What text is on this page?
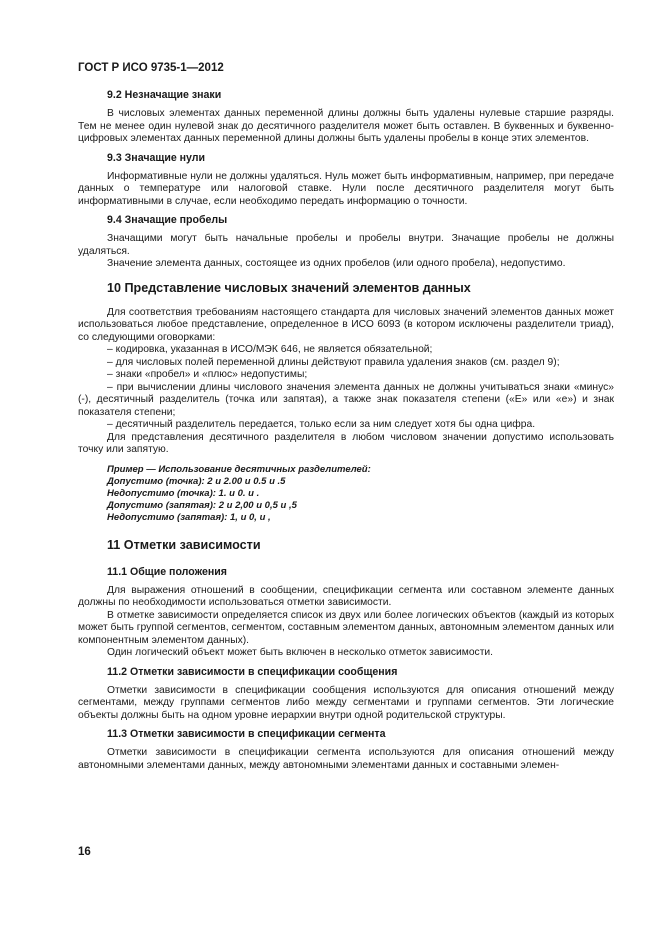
ГОСТ Р ИСО 9735-1—2012
9.2 Незначащие знаки

В числовых элементах данных переменной длины должны быть удалены нулевые старшие разряды. Тем не менее один нулевой знак до десятичного разделителя может быть оставлен. В буквенных и буквенно-цифровых элементах данных переменной длины должны быть удалены пробелы в конце этих элементов.

9.3 Значащие нули

Информативные нули не должны удаляться. Нуль может быть информативным, например, при передаче данных о температуре или налоговой ставке. Нули после десятичного разделителя могут быть информативными в случае, если необходимо передать информацию о точности.

9.4 Значащие пробелы

Значащими могут быть начальные пробелы и пробелы внутри. Значащие пробелы не должны удаляться.

Значение элемента данных, состоящее из одних пробелов (или одного пробела), недопустимо.

10 Представление числовых значений элементов данных

Для соответствия требованиям настоящего стандарта для числовых значений элементов данных может использоваться любое представление, определенное в ИСО 6093 (в котором исключены разделители триад), со следующими оговорками:

– кодировка, указанная в ИСО/МЭК 646, не является обязательной;

– для числовых полей переменной длины действуют правила удаления знаков (см. раздел 9);

– знаки «пробел» и «плюс» недопустимы;

– при вычислении длины числового значения элемента данных не должны учитываться знаки «минус» (-), десятичный разделитель (точка или запятая), а также знак показателя степени («E» или «e») и знак показателя степени;

– десятичный разделитель передается, только если за ним следует хотя бы одна цифра.

Для представления десятичного разделителя в любом числовом значении допустимо использовать точку или запятую.

Пример — Использование десятичных разделителей:
Допустимо (точка): 2 и 2.00 и 0.5 и .5
Недопустимо (точка): 1. и 0. и .
Допустимо (запятая): 2 и 2,00 и 0,5 и ,5
Недопустимо (запятая): 1, и 0, и ,
11 Отметки зависимости
11.1 Общие положения

Для выражения отношений в сообщении, спецификации сегмента или составном элементе данных должны по необходимости использоваться отметки зависимости.

В отметке зависимости определяется список из двух или более логических объектов (каждый из которых может быть группой сегментов, сегментом, составным элементом данных, автономным элементом данных или компонентным элементом данных).

Один логический объект может быть включен в несколько отметок зависимости.

11.2 Отметки зависимости в спецификации сообщения

Отметки зависимости в спецификации сообщения используются для описания отношений между сегментами, между группами сегментов либо между сегментами и группами сегментов. Эти логические объекты должны быть на одном уровне иерархии внутри одной родительской структуры.

11.3 Отметки зависимости в спецификации сегмента

Отметки зависимости в спецификации сегмента используются для описания отношений между автономными элементами данных, между автономными элементами данных и составными элемен-

16
